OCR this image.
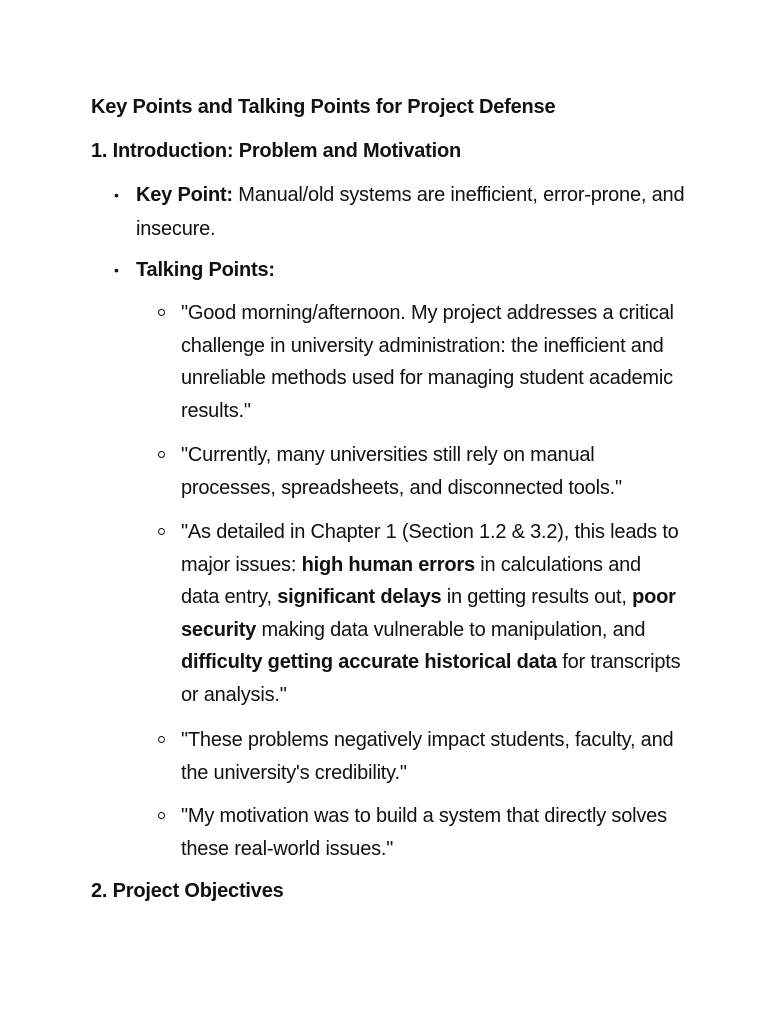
Key Points and Talking Points for Project Defense
1. Introduction: Problem and Motivation
• Key Point: Manual/old systems are inefficient, error-prone, and insecure.
• Talking Points:
"Good morning/afternoon. My project addresses a critical challenge in university administration: the inefficient and unreliable methods used for managing student academic results."
"Currently, many universities still rely on manual processes, spreadsheets, and disconnected tools."
"As detailed in Chapter 1 (Section 1.2 & 3.2), this leads to major issues: high human errors in calculations and data entry, significant delays in getting results out, poor security making data vulnerable to manipulation, and difficulty getting accurate historical data for transcripts or analysis."
"These problems negatively impact students, faculty, and the university's credibility."
"My motivation was to build a system that directly solves these real-world issues."
2. Project Objectives
